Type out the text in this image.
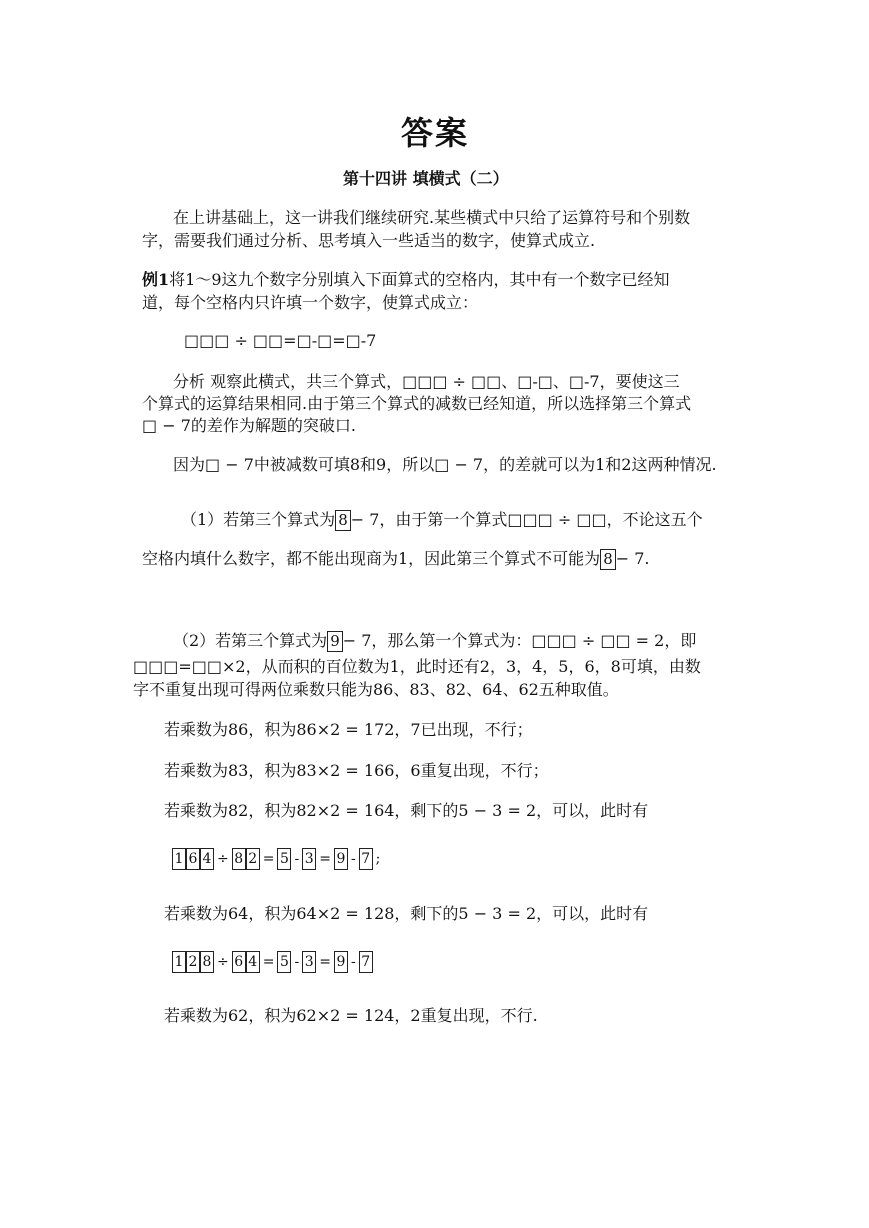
答案
第十四讲 填横式（二）
在上讲基础上，这一讲我们继续研究.某些横式中只给了运算符号和个别数
字，需要我们通过分析、思考填入一些适当的数字，使算式成立.
例1将1～9这九个数字分别填入下面算式的空格内，其中有一个数字已经知
道，每个空格内只许填一个数字，使算式成立：
□□□ ÷ □□=□-□=□-7
分析 观察此横式，共三个算式，□□□ ÷ □□、□-□、□-7，要使这三
个算式的运算结果相同.由于第三个算式的减数已经知道，所以选择第三个算式
□ − 7的差作为解题的突破口.
因为□ − 7中被减数可填8和9，所以□ − 7，的差就可以为1和2这两种情况.
（1）若第三个算式为 8 − 7，由于第一个算式□□□ ÷ □□，不论这五个
空格内填什么数字，都不能出现商为1，因此第三个算式不可能为 8 − 7.
（2）若第三个算式为 9 − 7，那么第一个算式为：□□□ ÷ □□ = 2，即
□□□=□□×2，从而积的百位数为1，此时还有2，3，4，5，6，8可填，由数
字不重复出现可得两位乘数只能为86、83、82、64、62五种取值。
若乘数为86，积为86×2 = 172，7已出现，不行；
若乘数为83，积为83×2 = 166，6重复出现，不行；
若乘数为82，积为82×2 = 164，剩下的5 − 3 = 2，可以，此时有
1 6 4 ÷ 8 2 = 5 - 3 = 9 - 7 ;
若乘数为64，积为64×2 = 128，剩下的5 − 3 = 2，可以，此时有
1 2 8 ÷ 6 4 = 5 - 3 = 9 - 7
若乘数为62，积为62×2 = 124，2重复出现，不行.
